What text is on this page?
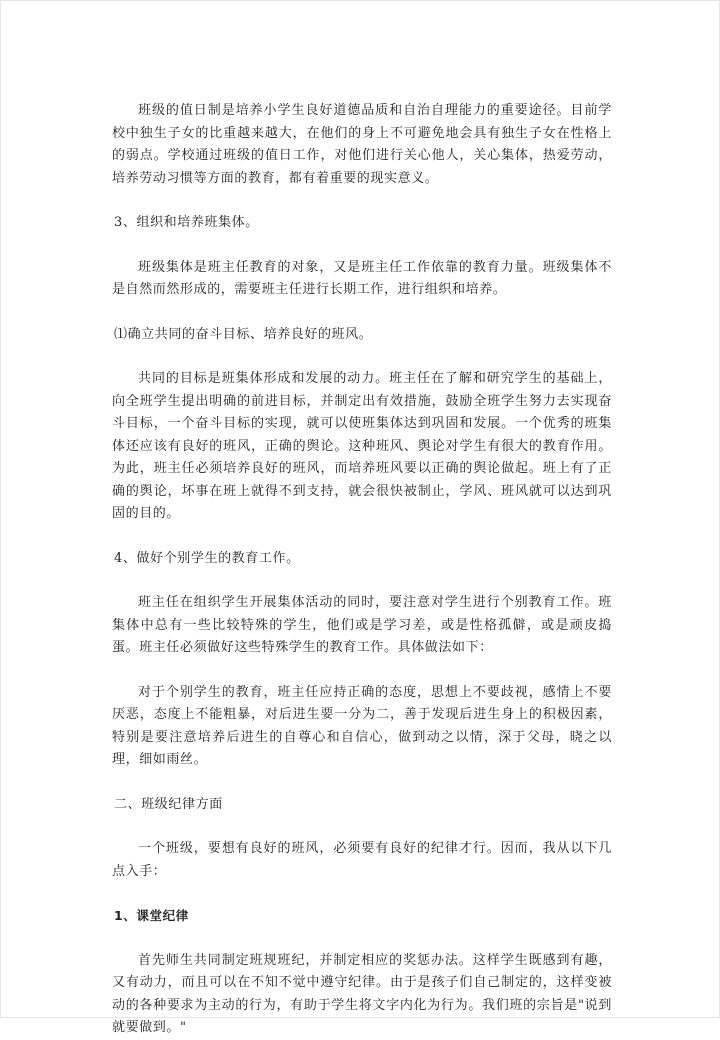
班级的值日制是培养小学生良好道德品质和自治自理能力的重要途径。目前学校中独生子女的比重越来越大，在他们的身上不可避免地会具有独生子女在性格上的弱点。学校通过班级的值日工作，对他们进行关心他人，关心集体，热爱劳动，培养劳动习惯等方面的教育，都有着重要的现实意义。

3、组织和培养班集体。

班级集体是班主任教育的对象，又是班主任工作依靠的教育力量。班级集体不是自然而然形成的，需要班主任进行长期工作，进行组织和培养。

⑴确立共同的奋斗目标、培养良好的班风。

共同的目标是班集体形成和发展的动力。班主任在了解和研究学生的基础上，向全班学生提出明确的前进目标，并制定出有效措施，鼓励全班学生努力去实现奋斗目标，一个奋斗目标的实现，就可以使班集体达到巩固和发展。一个优秀的班集体还应该有良好的班风，正确的舆论。这种班风、舆论对学生有很大的教育作用。为此，班主任必须培养良好的班风，而培养班风要以正确的舆论做起。班上有了正确的舆论，坏事在班上就得不到支持，就会很快被制止，学风、班风就可以达到巩固的目的。

4、做好个别学生的教育工作。

班主任在组织学生开展集体活动的同时，要注意对学生进行个别教育工作。班集体中总有一些比较特殊的学生，他们或是学习差，或是性格孤僻，或是顽皮捣蛋。班主任必须做好这些特殊学生的教育工作。具体做法如下：

对于个别学生的教育，班主任应持正确的态度，思想上不要歧视，感情上不要厌恶，态度上不能粗暴，对后进生要一分为二，善于发现后进生身上的积极因素，特别是要注意培养后进生的自尊心和自信心，做到动之以情，深于父母，晓之以理，细如雨丝。

二、班级纪律方面

一个班级，要想有良好的班风，必须要有良好的纪律才行。因而，我从以下几点入手：

1、课堂纪律

首先师生共同制定班规班纪，并制定相应的奖惩办法。这样学生既感到有趣，又有动力，而且可以在不知不觉中遵守纪律。由于是孩子们自己制定的，这样变被动的各种要求为主动的行为，有助于学生将文字内化为行为。我们班的宗旨是"说到就要做到。"
